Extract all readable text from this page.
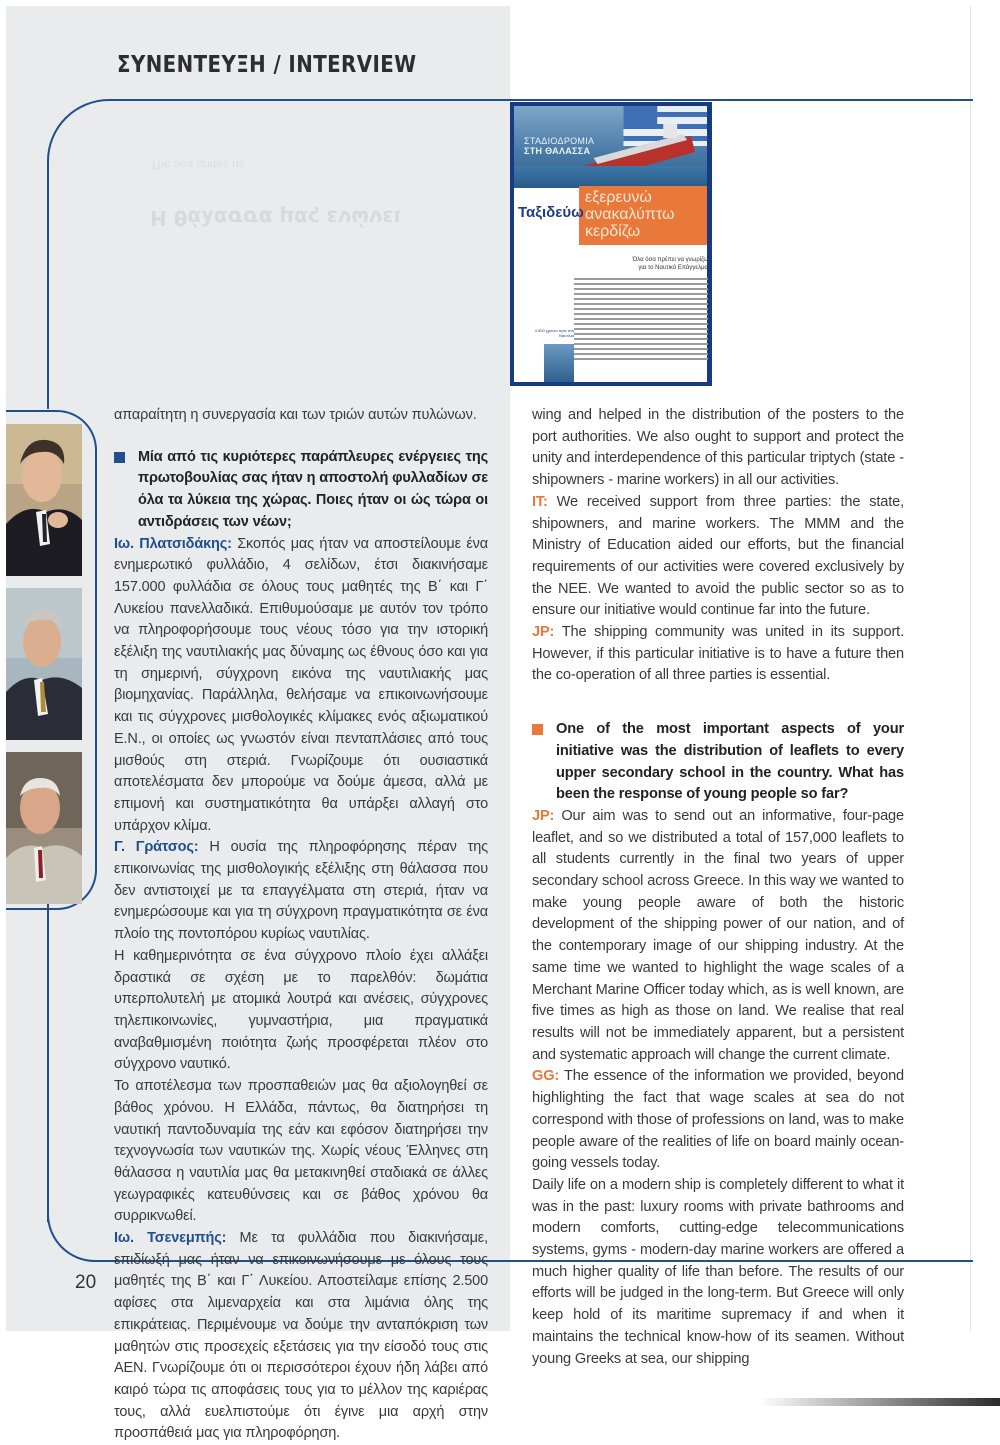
ΣΥΝΕΝΤΕΥΞΗ / INTERVIEW
Η θάλασσα μας ενώνει
The sea unites us
ΣΤΑΔΙΟΔΡΟΜΙΑ
ΣΤΗ ΘΑΛΑΣΣΑ
εξερευνώ
ανακαλύπτω
κερδίζω
Ταξιδεύω
Όλα όσα πρέπει να γνωρίζω
για το Ναυτικό Επάγγελμα
4.000 χρόνια πριν στη Ναυτιλία

απαραίτητη η συνεργασία και των τριών αυτών πυλώνων.

Μία από τις κυριότερες παράπλευρες ενέργειες της πρωτοβουλίας σας ήταν η αποστολή φυλλαδίων σε όλα τα λύκεια της χώρας. Ποιες ήταν οι ώς τώρα οι αντιδράσεις των νέων;

Ιω. Πλατσιδάκης: Σκοπός μας ήταν να αποστείλουμε ένα ενημερωτικό φυλλάδιο, 4 σελίδων, έτσι διακινήσαμε 157.000 φυλλάδια σε όλους τους μαθητές της Β΄ και Γ΄ Λυκείου πανελλαδικά. Επιθυμούσαμε με αυτόν τον τρόπο να πληροφορήσουμε τους νέους τόσο για την ιστορική εξέλιξη της ναυτιλιακής μας δύναμης ως έθνους όσο και για τη σημερινή, σύγχρονη εικόνα της ναυτιλιακής μας βιομηχανίας. Παράλληλα, θελήσαμε να επικοινωνήσουμε και τις σύγχρονες μισθολογικές κλίμακες ενός αξιωματικού Ε.Ν., οι οποίες ως γνωστόν είναι πενταπλάσιες από τους μισθούς στη στεριά. Γνωρίζουμε ότι ουσιαστικά αποτελέσματα δεν μπορούμε να δούμε άμεσα, αλλά με επιμονή και συστηματικότητα θα υπάρξει αλλαγή στο υπάρχον κλίμα.

Γ. Γράτσος: Η ουσία της πληροφόρησης πέραν της επικοινωνίας της μισθολογικής εξέλιξης στη θάλασσα που δεν αντιστοιχεί με τα επαγγέλματα στη στεριά, ήταν να ενημερώσουμε και για τη σύγχρονη πραγματικότητα σε ένα πλοίο της ποντοπόρου κυρίως ναυτιλίας.

Η καθημερινότητα σε ένα σύγχρονο πλοίο έχει αλλάξει δραστικά σε σχέση με το παρελθόν: δωμάτια υπερπολυτελή με ατομικά λουτρά και ανέσεις, σύγχρονες τηλεπικοινωνίες, γυμναστήρια, μια πραγματικά αναβαθμισμένη ποιότητα ζωής προσφέρεται πλέον στο σύγχρονο ναυτικό.

Το αποτέλεσμα των προσπαθειών μας θα αξιολογηθεί σε βάθος χρόνου. Η Ελλάδα, πάντως, θα διατηρήσει τη ναυτική παντοδυναμία της εάν και εφόσον διατηρήσει την τεχνογνωσία των ναυτικών της. Χωρίς νέους Έλληνες στη θάλασσα η ναυτιλία μας θα μετακινηθεί σταδιακά σε άλλες γεωγραφικές κατευθύνσεις και σε βάθος χρόνου θα συρρικνωθεί.

Ιω. Τσενεμπής: Με τα φυλλάδια που διακινήσαμε, επιδίωξή μας ήταν να επικοινωνήσουμε με όλους τους μαθητές της Β΄ και Γ΄ Λυκείου. Αποστείλαμε επίσης 2.500 αφίσες στα λιμεναρχεία και στα λιμάνια όλης της επικράτειας. Περιμένουμε να δούμε την ανταπόκριση των μαθητών στις προσεχείς εξετάσεις για την είσοδό τους στις ΑΕΝ. Γνωρίζουμε ότι οι περισσότεροι έχουν ήδη λάβει από καιρό τώρα τις αποφάσεις τους για το μέλλον της καριέρας τους, αλλά ευελπιστούμε ότι έγινε μια αρχή στην προσπάθειά μας για πληροφόρηση.

wing and helped in the distribution of the posters to the port authorities. We also ought to support and protect the unity and interdependence of this particular triptych (state - shipowners - marine workers) in all our activities.

IT: We received support from three parties: the state, shipowners, and marine workers. The MMM and the Ministry of Education aided our efforts, but the financial requirements of our activities were covered exclusively by the NEE. We wanted to avoid the public sector so as to ensure our initiative would continue far into the future.

JP: The shipping community was united in its support. However, if this particular initiative is to have a future then the co-operation of all three parties is essential.

One of the most important aspects of your initiative was the distribution of leaflets to every upper secondary school in the country. What has been the response of young people so far?

JP: Our aim was to send out an informative, four-page leaflet, and so we distributed a total of 157,000 leaflets to all students currently in the final two years of upper secondary school across Greece. In this way we wanted to make young people aware of both the historic development of the shipping power of our nation, and of the contemporary image of our shipping industry. At the same time we wanted to highlight the wage scales of a Merchant Marine Officer today which, as is well known, are five times as high as those on land. We realise that real results will not be immediately apparent, but a persistent and systematic approach will change the current climate.

GG: The essence of the information we provided, beyond highlighting the fact that wage scales at sea do not correspond with those of professions on land, was to make people aware of the realities of life on board mainly ocean-going vessels today.

Daily life on a modern ship is completely different to what it was in the past: luxury rooms with private bathrooms and modern comforts, cutting-edge telecommunications systems, gyms - modern-day marine workers are offered a much higher quality of life than before. The results of our efforts will be judged in the long-term. But Greece will only keep hold of its maritime supremacy if and when it maintains the technical know-how of its seamen. Without young Greeks at sea, our shipping

20
